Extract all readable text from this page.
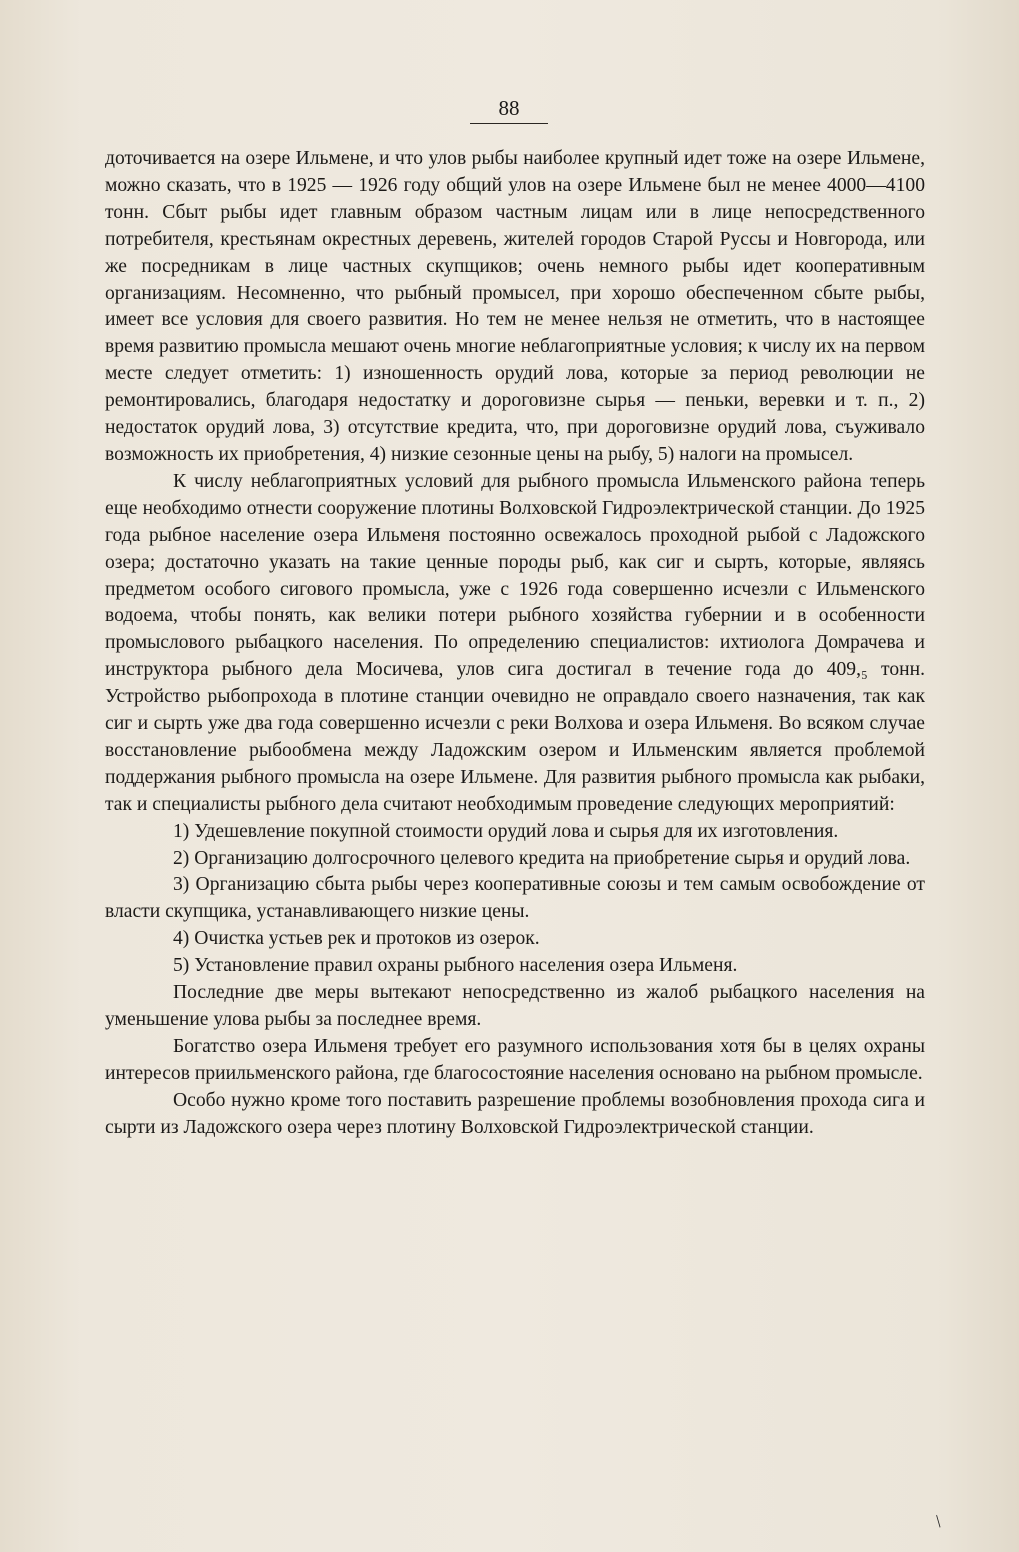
88

доточивается на озере Ильмене, и что улов рыбы наиболее крупный идет тоже на озере Ильмене, можно сказать, что в 1925 — 1926 году общий улов на озере Ильмене был не менее 4000—4100 тонн. Сбыт рыбы идет главным образом частным лицам или в лице непосредственного потребителя, крестьянам окрестных деревень, жителей городов Старой Руссы и Новгорода, или же посредникам в лице частных скупщиков; очень немного рыбы идет кооперативным организациям. Несомненно, что рыбный промысел, при хорошо обеспеченном сбыте рыбы, имеет все условия для своего развития. Но тем не менее нельзя не отметить, что в настоящее время развитию промысла мешают очень многие неблагоприятные условия; к числу их на первом месте следует отметить: 1) изношенность орудий лова, которые за период революции не ремонтировались, благодаря недостатку и дороговизне сырья — пеньки, веревки и т. п., 2) недостаток орудий лова, 3) отсутствие кредита, что, при дороговизне орудий лова, съуживало возможность их приобретения, 4) низкие сезонные цены на рыбу, 5) налоги на промысел.

К числу неблагоприятных условий для рыбного промысла Ильменского района теперь еще необходимо отнести сооружение плотины Волховской Гидроэлектрической станции. До 1925 года рыбное население озера Ильменя постоянно освежалось проходной рыбой с Ладожского озера; достаточно указать на такие ценные породы рыб, как сиг и сырть, которые, являясь предметом особого сигового промысла, уже с 1926 года совершенно исчезли с Ильменского водоема, чтобы понять, как велики потери рыбного хозяйства губернии и в особенности промыслового рыбацкого населения. По определению специалистов: ихтиолога Домрачева и инструктора рыбного дела Мосичева, улов сига достигал в течение года до 409,₅ тонн. Устройство рыбопрохода в плотине станции очевидно не оправдало своего назначения, так как сиг и сырть уже два года совершенно исчезли с реки Волхова и озера Ильменя. Во всяком случае восстановление рыбообмена между Ладожским озером и Ильменским является проблемой поддержания рыбного промысла на озере Ильмене. Для развития рыбного промысла как рыбаки, так и специалисты рыбного дела считают необходимым проведение следующих мероприятий:

1) Удешевление покупной стоимости орудий лова и сырья для их изготовления.

2) Организацию долгосрочного целевого кредита на приобретение сырья и орудий лова.

3) Организацию сбыта рыбы через кооперативные союзы и тем самым освобождение от власти скупщика, устанавливающего низкие цены.

4) Очистка устьев рек и протоков из озерок.

5) Установление правил охраны рыбного населения озера Ильменя.

Последние две меры вытекают непосредственно из жалоб рыбацкого населения на уменьшение улова рыбы за последнее время.

Богатство озера Ильменя требует его разумного использования хотя бы в целях охраны интересов приильменского района, где благосостояние населения основано на рыбном промысле.

Особо нужно кроме того поставить разрешение проблемы возобновления прохода сига и сырти из Ладожского озера через плотину Волховской Гидроэлектрической станции.

/
